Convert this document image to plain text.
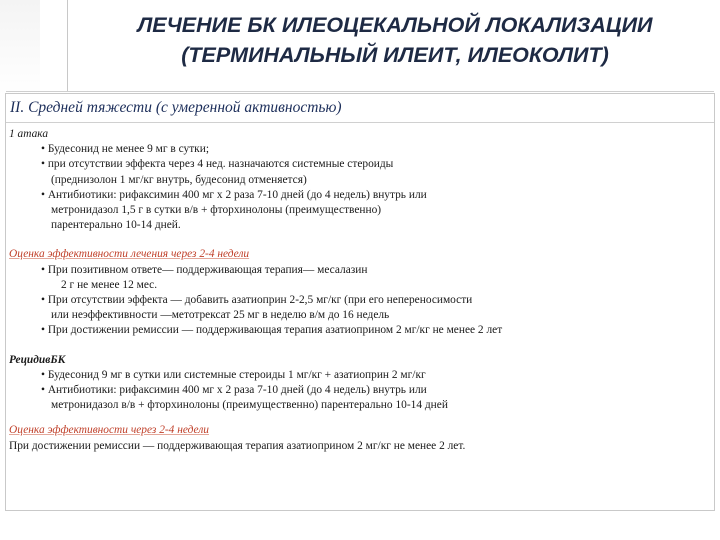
ЛЕЧЕНИЕ БК ИЛЕОЦЕКАЛЬНОЙ ЛОКАЛИЗАЦИИ
(ТЕРМИНАЛЬНЫЙ ИЛЕИТ, ИЛЕОКОЛИТ)
II. Средней тяжести (с умеренной активностью)
1 атака
• Будесонид не менее 9 мг в сутки;
• при отсутствии эффекта через 4 нед. назначаются системные стероиды
(преднизолон 1 мг/кг внутрь, будесонид отменяется)
• Антибиотики: рифаксимин 400 мг х 2 раза 7-10 дней (до 4 недель) внутрь или
метронидазол 1,5 г в сутки в/в + фторхинолоны (преимущественно)
парентерально 10-14 дней.
Оценка эффективности лечения через 2-4 недели
• При позитивном ответе— поддерживающая терапия— месалазин
2 г не менее 12 мес.
• При отсутствии эффекта — добавить азатиоприн 2-2,5 мг/кг (при его непереносимости
или неэффективности —метотрексат 25 мг в неделю в/м до 16 недель
• При достижении ремиссии — поддерживающая терапия азатиоприном 2 мг/кг не менее 2 лет
РецидивБК
• Будесонид 9 мг в сутки или системные стероиды 1 мг/кг + азатиоприн 2 мг/кг
• Антибиотики: рифаксимин 400 мг х 2 раза 7-10 дней (до 4 недель) внутрь или
метронидазол в/в + фторхинолоны (преимущественно) парентерально 10-14 дней
Оценка эффективности через 2-4 недели
При достижении ремиссии — поддерживающая терапия азатиоприном 2 мг/кг не менее 2 лет.
